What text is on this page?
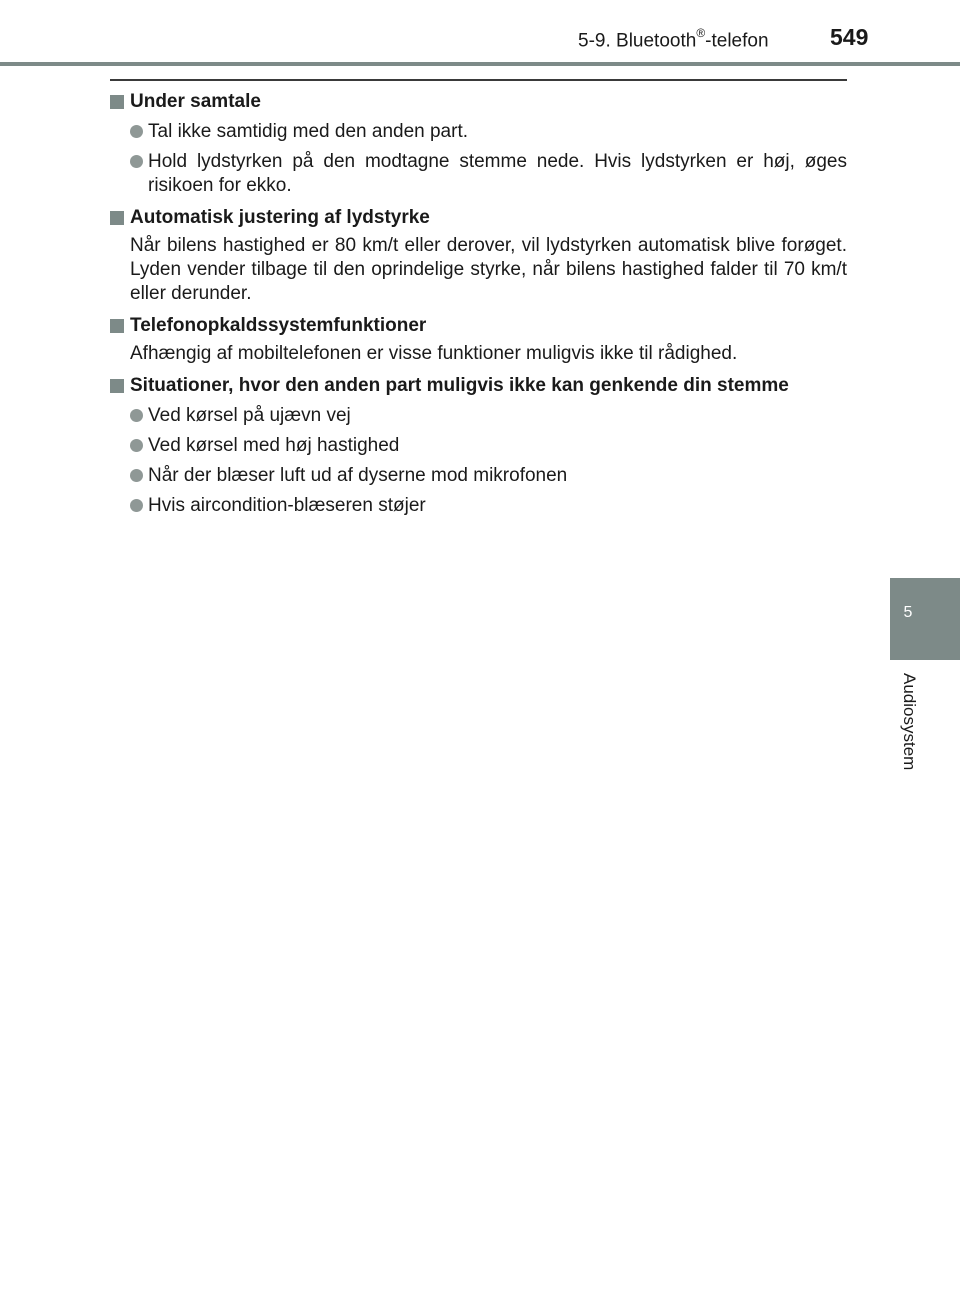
5-9. Bluetooth®-telefon	549
5
Audiosystem
Under samtale
Tal ikke samtidig med den anden part.
Hold lydstyrken på den modtagne stemme nede. Hvis lydstyrken er høj, øges risikoen for ekko.
Automatisk justering af lydstyrke
Når bilens hastighed er 80 km/t eller derover, vil lydstyrken automatisk blive forøget. Lyden vender tilbage til den oprindelige styrke, når bilens hastighed falder til 70 km/t eller derunder.
Telefonopkaldssystemfunktioner
Afhængig af mobiltelefonen er visse funktioner muligvis ikke til rådighed.
Situationer, hvor den anden part muligvis ikke kan genkende din stemme
Ved kørsel på ujævn vej
Ved kørsel med høj hastighed
Når der blæser luft ud af dyserne mod mikrofonen
Hvis aircondition-blæseren støjer
